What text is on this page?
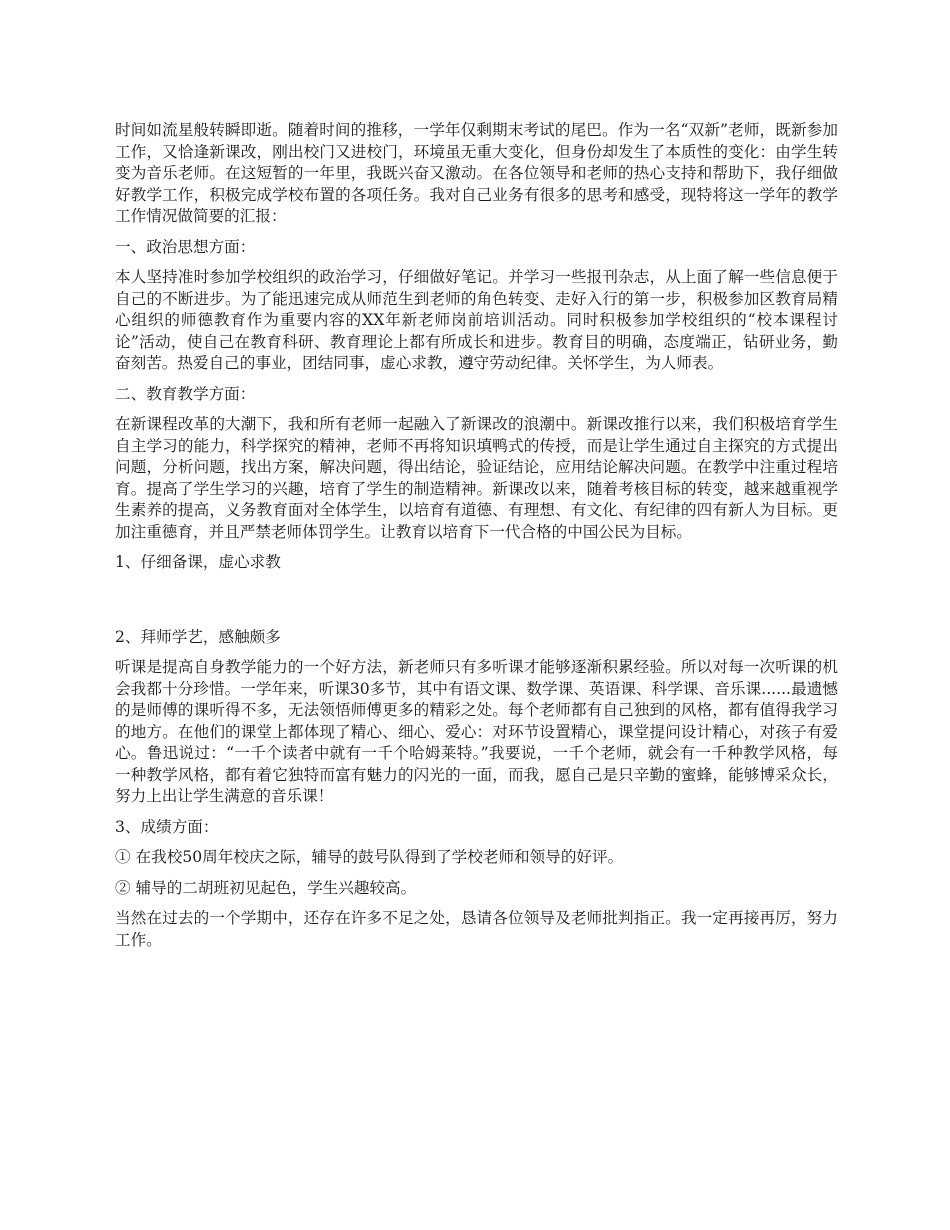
时间如流星般转瞬即逝。随着时间的推移，一学年仅剩期末考试的尾巴。作为一名“双新”老师，既新参加工作，又恰逢新课改，刚出校门又进校门，环境虽无重大变化，但身份却发生了本质性的变化：由学生转变为音乐老师。在这短暂的一年里，我既兴奋又激动。在各位领导和老师的热心支持和帮助下，我仔细做好教学工作，积极完成学校布置的各项任务。我对自己业务有很多的思考和感受，现特将这一学年的教学工作情况做简要的汇报：

一、政治思想方面：

本人坚持准时参加学校组织的政治学习，仔细做好笔记。并学习一些报刊杂志，从上面了解一些信息便于自己的不断进步。为了能迅速完成从师范生到老师的角色转变、走好入行的第一步，积极参加区教育局精心组织的师德教育作为重要内容的XX年新老师岗前培训活动。同时积极参加学校组织的“校本课程讨论”活动，使自己在教育科研、教育理论上都有所成长和进步。教育目的明确，态度端正，钻研业务，勤奋刻苦。热爱自己的事业，团结同事，虚心求教，遵守劳动纪律。关怀学生，为人师表。

二、教育教学方面：

在新课程改革的大潮下，我和所有老师一起融入了新课改的浪潮中。新课改推行以来，我们积极培育学生自主学习的能力，科学探究的精神，老师不再将知识填鸭式的传授，而是让学生通过自主探究的方式提出问题，分析问题，找出方案，解决问题，得出结论，验证结论，应用结论解决问题。在教学中注重过程培育。提高了学生学习的兴趣，培育了学生的制造精神。新课改以来，随着考核目标的转变，越来越重视学生素养的提高，义务教育面对全体学生，以培育有道德、有理想、有文化、有纪律的四有新人为目标。更加注重德育，并且严禁老师体罚学生。让教育以培育下一代合格的中国公民为目标。

1、仔细备课，虚心求教

2、拜师学艺，感触颇多

听课是提高自身教学能力的一个好方法，新老师只有多听课才能够逐渐积累经验。所以对每一次听课的机会我都十分珍惜。一学年来，听课30多节，其中有语文课、数学课、英语课、科学课、音乐课......最遗憾的是师傅的课听得不多，无法领悟师傅更多的精彩之处。每个老师都有自己独到的风格，都有值得我学习的地方。在他们的课堂上都体现了精心、细心、爱心：对环节设置精心，课堂提问设计精心，对孩子有爱心。鲁迅说过：“一千个读者中就有一千个哈姆莱特。”我要说，一千个老师，就会有一千种教学风格，每一种教学风格，都有着它独特而富有魅力的闪光的一面，而我，愿自己是只辛勤的蜜蜂，能够博采众长，努力上出让学生满意的音乐课！

3、成绩方面：

① 在我校50周年校庆之际，辅导的鼓号队得到了学校老师和领导的好评。

② 辅导的二胡班初见起色，学生兴趣较高。

当然在过去的一个学期中，还存在许多不足之处，恳请各位领导及老师批判指正。我一定再接再厉，努力工作。
